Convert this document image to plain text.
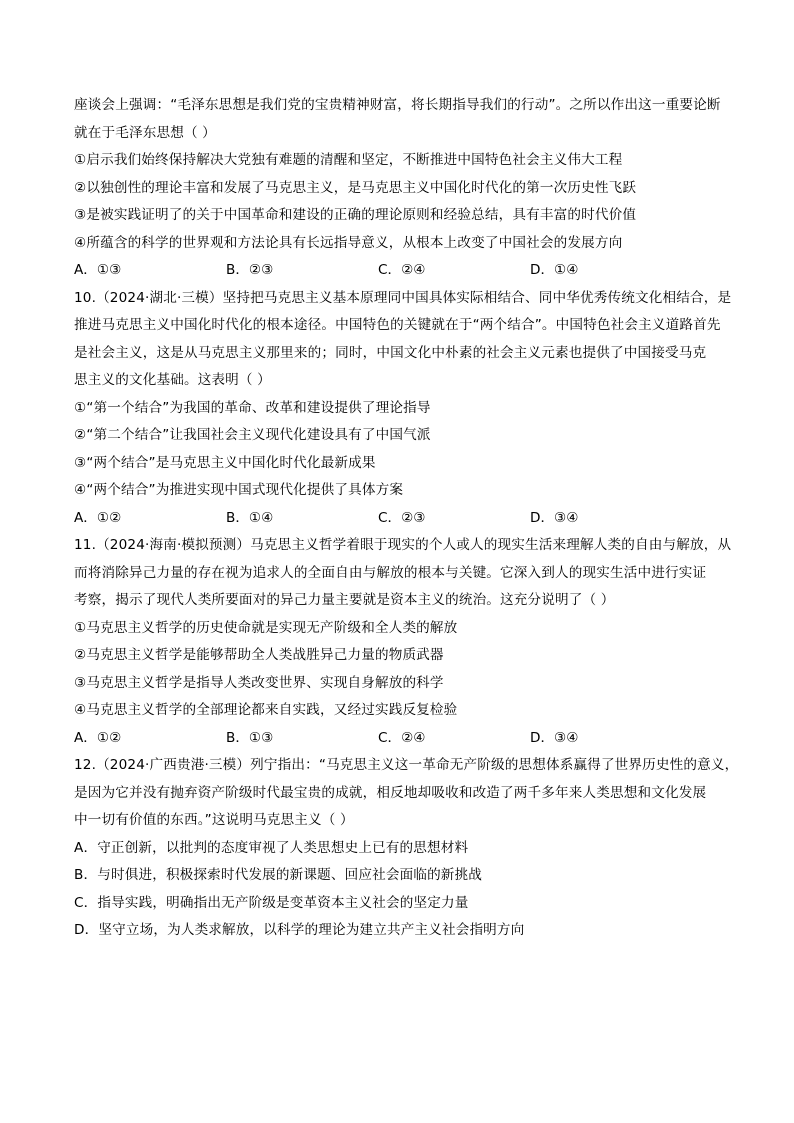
座谈会上强调：“毛泽东思想是我们党的宝贵精神财富，将长期指导我们的行动”。之所以作出这一重要论断
就在于毛泽东思想（ ）
①启示我们始终保持解决大党独有难题的清醒和坚定，不断推进中国特色社会主义伟大工程
②以独创性的理论丰富和发展了马克思主义，是马克思主义中国化时代化的第一次历史性飞跃
③是被实践证明了的关于中国革命和建设的正确的理论原则和经验总结，具有丰富的时代价值
④所蕴含的科学的世界观和方法论具有长远指导意义，从根本上改变了中国社会的发展方向
A．①③	B．②③	C．②④	D．①④
10.（2024·湖北·三模）坚持把马克思主义基本原理同中国具体实际相结合、同中华优秀传统文化相结合，是
推进马克思主义中国化时代化的根本途径。中国特色的关键就在于“两个结合”。中国特色社会主义道路首先
是社会主义，这是从马克思主义那里来的；同时，中国文化中朴素的社会主义元素也提供了中国接受马克
思主义的文化基础。这表明（ ）
①“第一个结合”为我国的革命、改革和建设提供了理论指导
②“第二个结合”让我国社会主义现代化建设具有了中国气派
③“两个结合”是马克思主义中国化时代化最新成果
④“两个结合”为推进实现中国式现代化提供了具体方案
A．①②	B．①④	C．②③	D．③④
11.（2024·海南·模拟预测）马克思主义哲学着眼于现实的个人或人的现实生活来理解人类的自由与解放，从
而将消除异己力量的存在视为追求人的全面自由与解放的根本与关键。它深入到人的现实生活中进行实证
考察，揭示了现代人类所要面对的异己力量主要就是资本主义的统治。这充分说明了（ ）
①马克思主义哲学的历史使命就是实现无产阶级和全人类的解放
②马克思主义哲学是能够帮助全人类战胜异己力量的物质武器
③马克思主义哲学是指导人类改变世界、实现自身解放的科学
④马克思主义哲学的全部理论都来自实践，又经过实践反复检验
A．①②	B．①③	C．②④	D．③④
12.（2024·广西贵港·三模）列宁指出：“马克思主义这一革命无产阶级的思想体系赢得了世界历史性的意义，
是因为它并没有抛弃资产阶级时代最宝贵的成就，相反地却吸收和改造了两千多年来人类思想和文化发展
中一切有价值的东西。”这说明马克思主义（ ）
A．守正创新，以批判的态度审视了人类思想史上已有的思想材料
B．与时俱进，积极探索时代发展的新课题、回应社会面临的新挑战
C．指导实践，明确指出无产阶级是变革资本主义社会的坚定力量
D．坚守立场，为人类求解放，以科学的理论为建立共产主义社会指明方向
